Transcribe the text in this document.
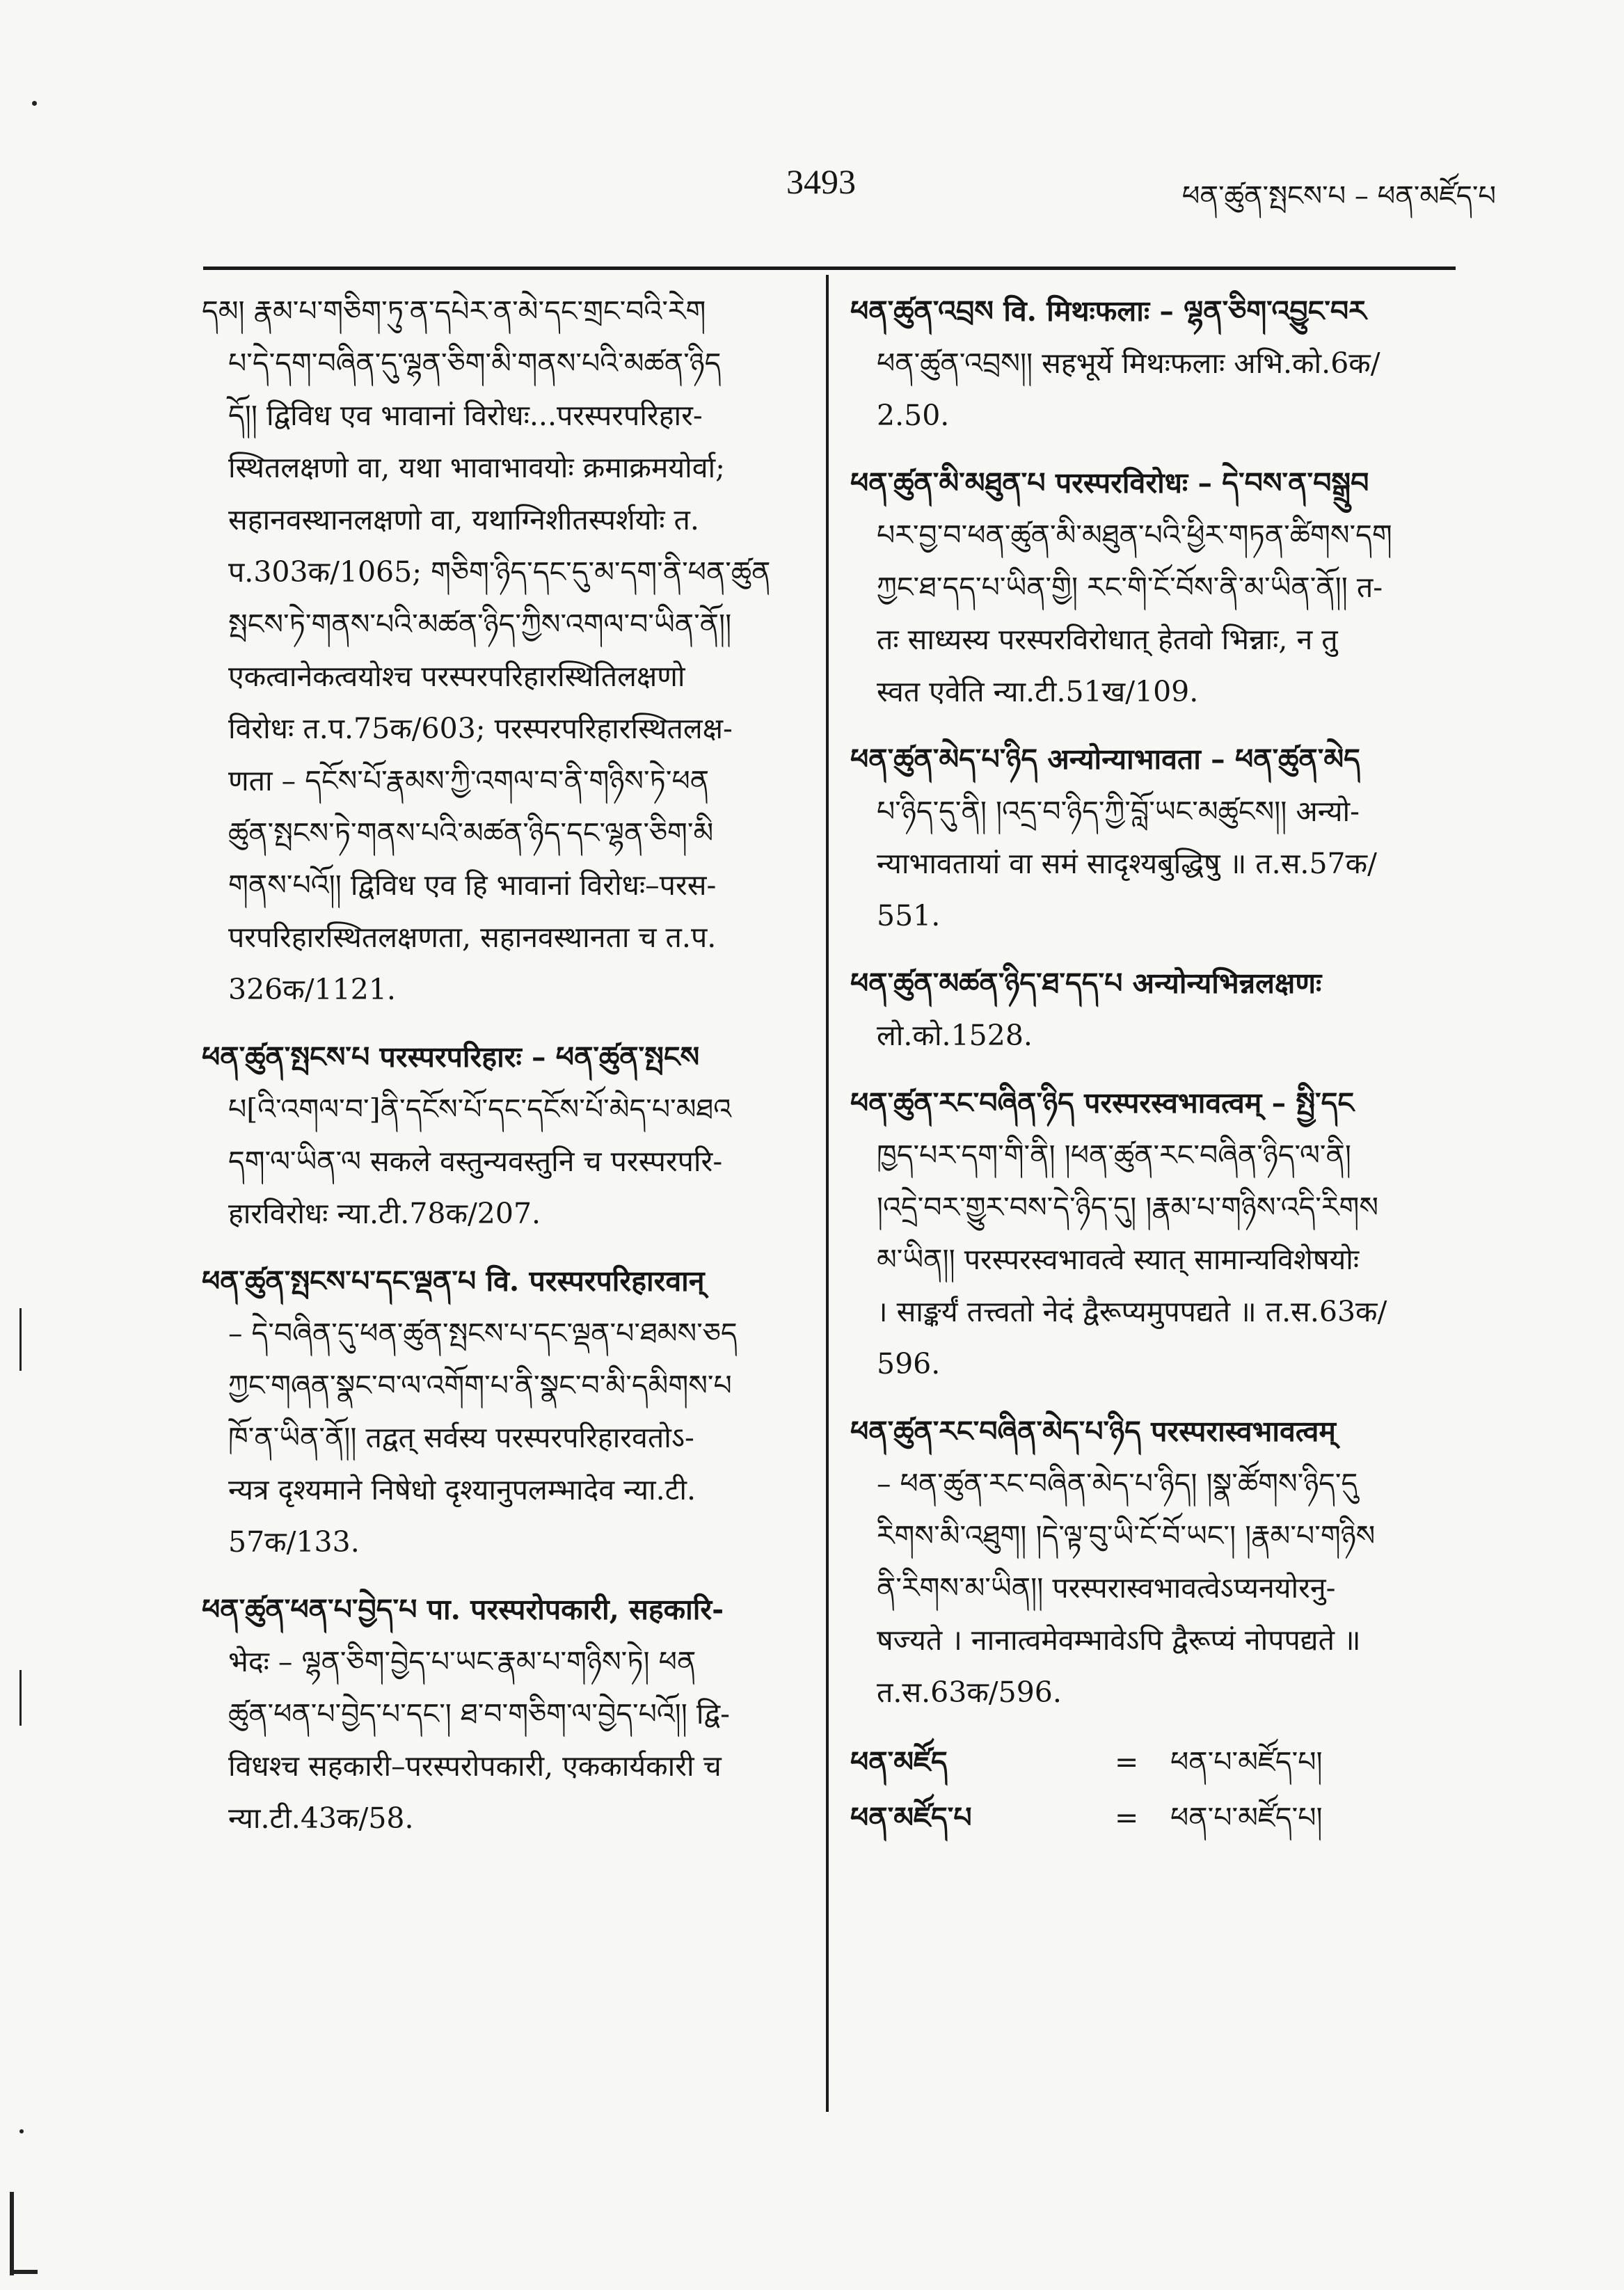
3493	ཕན་ཚུན་སྤངས་པ – ཕན་མཛོད་པ

དམ། རྣམ་པ་གཅིག་ཏུ་ན་དཔེར་ན་མེ་དང་གྲང་བའི་རེག

པ་དེ་དག་བཞིན་དུ་ལྷན་ཅིག་མི་གནས་པའི་མཚན་ཉིད

དོ།། द्विविध एव भावानां विरोधः...परस्परपरिहार-

स्थितलक्षणो वा, यथा भावाभावयोः क्रमाक्रमयोर्वा;

सहानवस्थानलक्षणो वा, यथाग्निशीतस्पर्शयोः त.

प.303क/1065; གཅིག་ཉིད་དང་དུ་མ་དག་ནི་ཕན་ཚུན

སྤངས་ཏེ་གནས་པའི་མཚན་ཉིད་ཀྱིས་འགལ་བ་ཡིན་ནོ།།

एकत्वानेकत्वयोश्च परस्परपरिहारस्थितिलक्षणो

विरोधः त.प.75क/603; परस्परपरिहारस्थितलक्ष-

णता – དངོས་པོ་རྣམས་ཀྱི་འགལ་བ་ནི་གཉིས་ཏེ་ཕན

ཚུན་སྤངས་ཏེ་གནས་པའི་མཚན་ཉིད་དང་ལྷན་ཅིག་མི

གནས་པའོ།། द्विविध एव हि भावानां विरोधः–परस-

परपरिहारस्थितलक्षणता, सहानवस्थानता च त.प.

326क/1121.

ཕན་ཚུན་སྤངས་པ परस्परपरिहारः – ཕན་ཚུན་སྤངས

པ[འི་འགལ་བ་]ནི་དངོས་པོ་དང་དངོས་པོ་མེད་པ་མཐའ

དག་ལ་ཡིན་ལ सकले वस्तुन्यवस्तुनि च परस्परपरि-

हारविरोधः न्या.टी.78क/207.

ཕན་ཚུན་སྤངས་པ་དང་ལྡན་པ वि. परस्परपरिहारवान्

– དེ་བཞིན་དུ་ཕན་ཚུན་སྤངས་པ་དང་ལྡན་པ་ཐམས་ཅད

ཀྱང་གཞན་སྣང་བ་ལ་འགོག་པ་ནི་སྣང་བ་མི་དམིགས་པ

ཁོ་ན་ཡིན་ནོ།། तद्वत् सर्वस्य परस्परपरिहारवतोऽ-

न्यत्र दृश्यमाने निषेधो दृश्यानुपलम्भादेव न्या.टी.

57क/133.

ཕན་ཚུན་ཕན་པ་བྱེད་པ पा. परस्परोपकारी, सहकारि-

भेदः – ལྷན་ཅིག་བྱེད་པ་ཡང་རྣམ་པ་གཉིས་ཏེ། ཕན

ཚུན་ཕན་པ་བྱེད་པ་དང་། ཐ་བ་གཅིག་ལ་བྱེད་པའོ།། द्वि-

विधश्च सहकारी–परस्परोपकारी, एककार्यकारी च

न्या.टी.43क/58.

ཕན་ཚུན་འབྲས वि. मिथःफलाः – ལྷན་ཅིག་འབྱུང་བར

ཕན་ཚུན་འབྲས།། सहभूर्ये मिथःफलाः अभि.को.6क/

2.50.

ཕན་ཚུན་མི་མཐུན་པ परस्परविरोधः – དེ་བས་ན་བསྒྲུབ

པར་བྱ་བ་ཕན་ཚུན་མི་མཐུན་པའི་ཕྱིར་གཏན་ཚིགས་དག

ཀྱང་ཐ་དད་པ་ཡིན་གྱི། རང་གི་ངོ་བོས་ནི་མ་ཡིན་ནོ།། त-

तः साध्यस्य परस्परविरोधात् हेतवो भिन्नाः, न तु

स्वत एवेति न्या.टी.51ख/109.

ཕན་ཚུན་མེད་པ་ཉིད अन्योन्याभावता – ཕན་ཚུན་མེད

པ་ཉིད་དུ་ནི། །འདྲ་བ་ཉིད་ཀྱི་བློ་ཡང་མཚུངས།། अन्यो-

न्याभावतायां वा समं सादृश्यबुद्धिषु ॥ त.स.57क/

551.

ཕན་ཚུན་མཚན་ཉིད་ཐ་དད་པ अन्योन्यभिन्नलक्षणः

लो.को.1528.

ཕན་ཚུན་རང་བཞིན་ཉིད परस्परस्वभावत्वम् – སྤྱི་དང

ཁྱད་པར་དག་གི་ནི། །ཕན་ཚུན་རང་བཞིན་ཉིད་ལ་ནི།

།འདྲེ་བར་གྱུར་བས་དེ་ཉིད་དུ། །རྣམ་པ་གཉིས་འདི་རིགས

མ་ཡིན།། परस्परस्वभावत्वे स्यात् सामान्यविशेषयोः

। साङ्कर्यं तत्त्वतो नेदं द्वैरूप्यमुपपद्यते ॥ त.स.63क/

596.

ཕན་ཚུན་རང་བཞིན་མེད་པ་ཉིད परस्परास्वभावत्वम्

– ཕན་ཚུན་རང་བཞིན་མེད་པ་ཉིད། །སྣ་ཚོགས་ཉིད་དུ

རིགས་མི་འཐུག། །དེ་ལྟ་བུ་ཡི་ངོ་བོ་ཡང་། །རྣམ་པ་གཉིས

ནི་རིགས་མ་ཡིན།། परस्परास्वभावत्वेऽप्यनयोरनु-

षज्यते । नानात्वमेवम्भावेऽपि द्वैरूप्यं नोपपद्यते ॥

त.स.63क/596.

ཕན་མཛོད	=	ཕན་པ་མཛོད་པ།
ཕན་མཛོད་པ	=	ཕན་པ་མཛོད་པ།
